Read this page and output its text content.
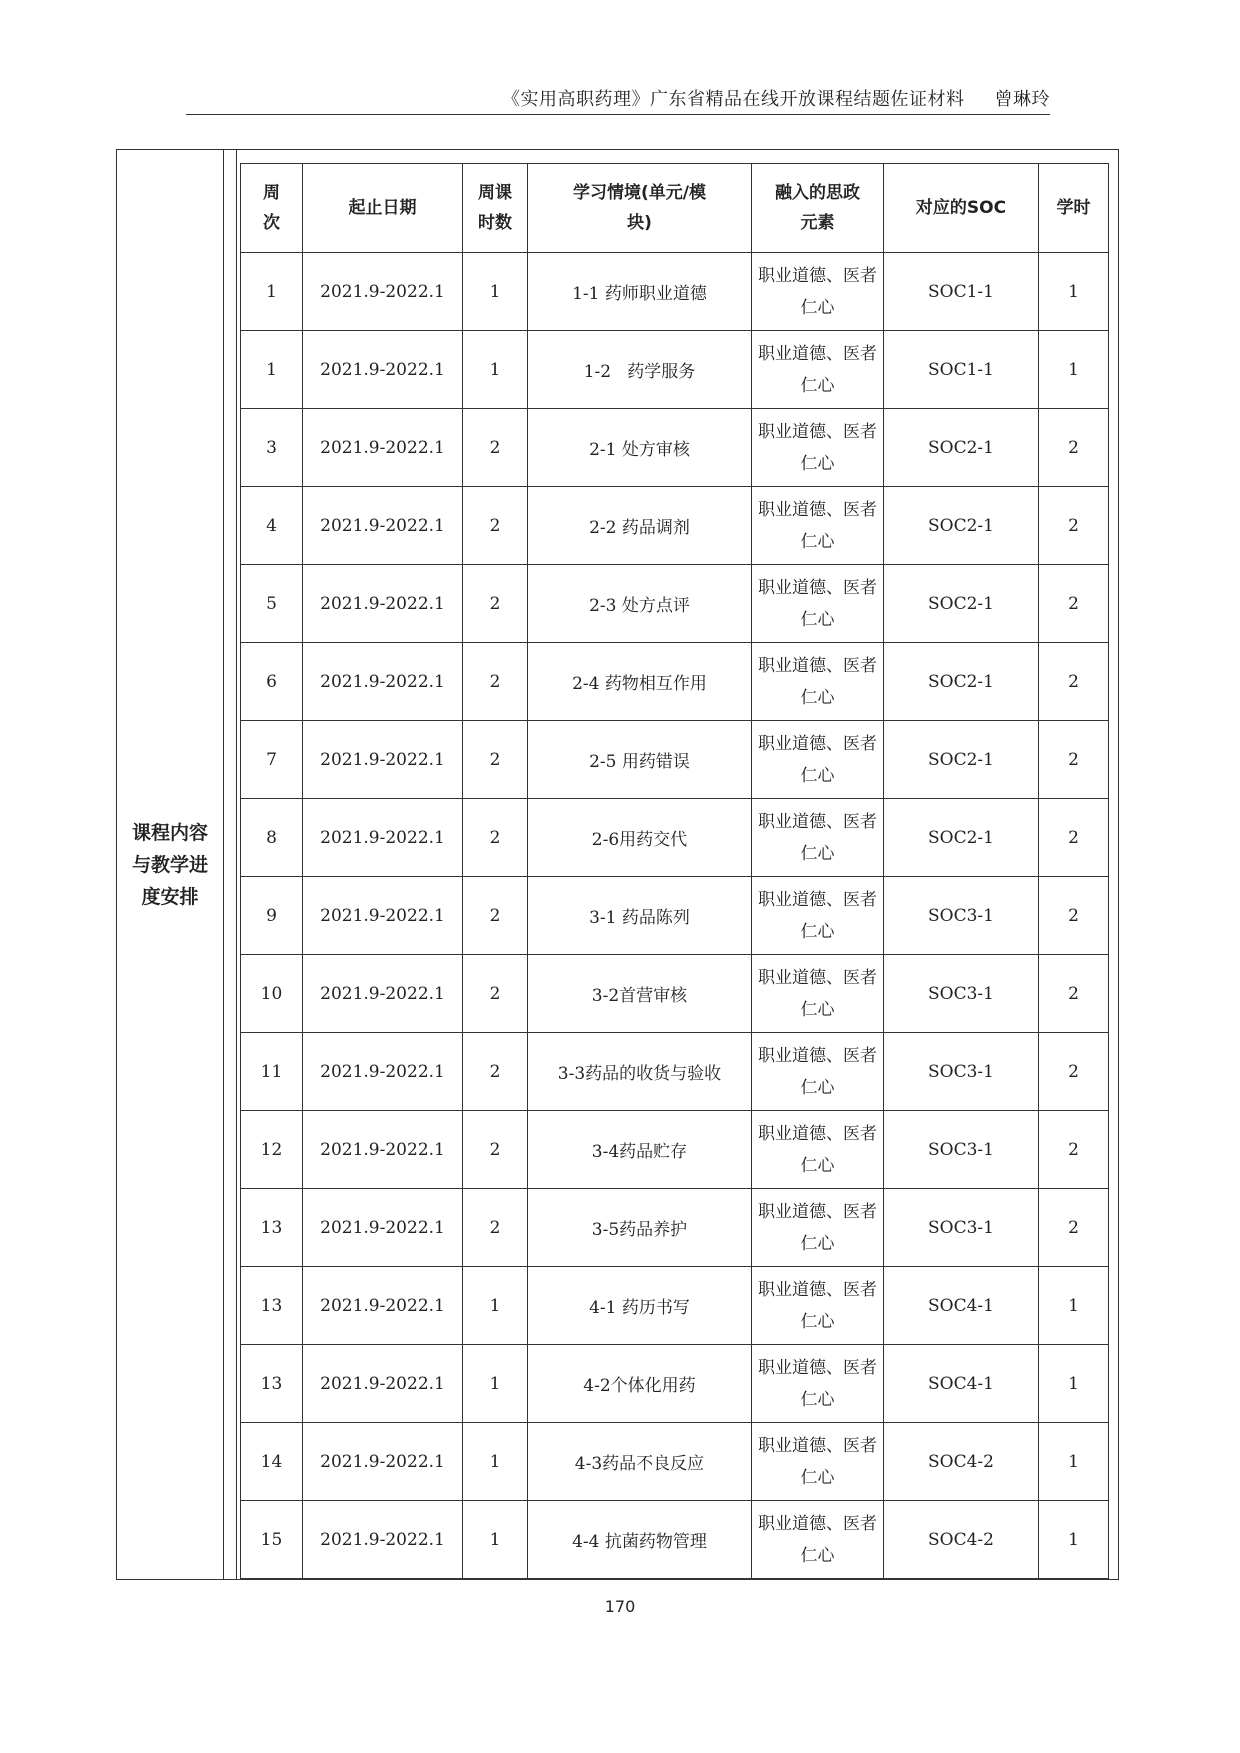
《实用高职药理》广东省精品在线开放课程结题佐证材料 曾琳玲
课程内容与教学进度安排
周次	起止日期	周课时数	学习情境(单元/模块)	融入的思政元素	对应的SOC	学时
1	2021.9-2022.1	1	1-1 药师职业道德	职业道德、医者仁心	SOC1-1	1
1	2021.9-2022.1	1	1-2   药学服务	职业道德、医者仁心	SOC1-1	1
3	2021.9-2022.1	2	2-1 处方审核	职业道德、医者仁心	SOC2-1	2
4	2021.9-2022.1	2	2-2 药品调剂	职业道德、医者仁心	SOC2-1	2
5	2021.9-2022.1	2	2-3 处方点评	职业道德、医者仁心	SOC2-1	2
6	2021.9-2022.1	2	2-4 药物相互作用	职业道德、医者仁心	SOC2-1	2
7	2021.9-2022.1	2	2-5 用药错误	职业道德、医者仁心	SOC2-1	2
8	2021.9-2022.1	2	2-6用药交代	职业道德、医者仁心	SOC2-1	2
9	2021.9-2022.1	2	3-1 药品陈列	职业道德、医者仁心	SOC3-1	2
10	2021.9-2022.1	2	3-2首营审核	职业道德、医者仁心	SOC3-1	2
11	2021.9-2022.1	2	3-3药品的收货与验收	职业道德、医者仁心	SOC3-1	2
12	2021.9-2022.1	2	3-4药品贮存	职业道德、医者仁心	SOC3-1	2
13	2021.9-2022.1	2	3-5药品养护	职业道德、医者仁心	SOC3-1	2
13	2021.9-2022.1	1	4-1 药历书写	职业道德、医者仁心	SOC4-1	1
13	2021.9-2022.1	1	4-2个体化用药	职业道德、医者仁心	SOC4-1	1
14	2021.9-2022.1	1	4-3药品不良反应	职业道德、医者仁心	SOC4-2	1
15	2021.9-2022.1	1	4-4 抗菌药物管理	职业道德、医者仁心	SOC4-2	1
170
